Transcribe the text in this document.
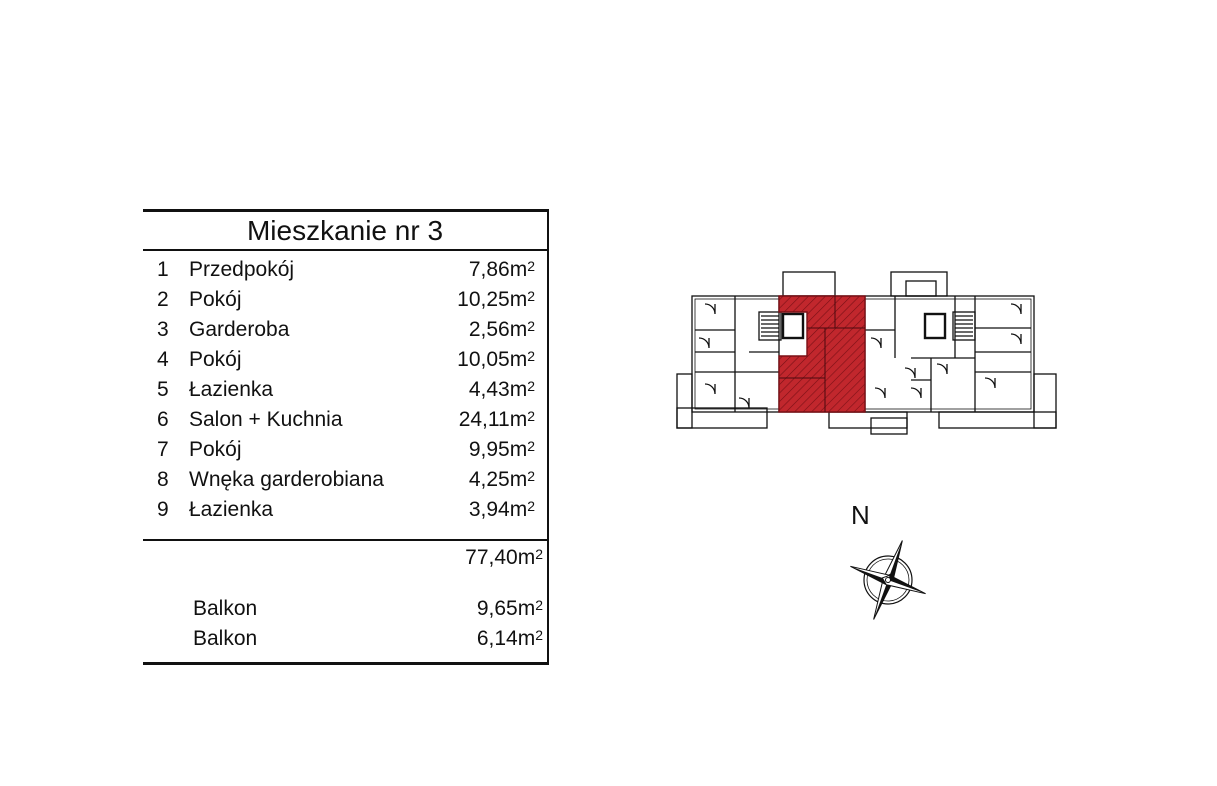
Mieszkanie nr 3
1 Przedpokój	$7,86m^2$
2 Pokój	$10,25m^2$
3 Garderoba	$2,56m^2$
4 Pokój	$10,05m^2$
5 Łazienka	$4,43m^2$
6 Salon + Kuchnia	$24,11m^2$
7 Pokój	$9,95m^2$
8 Wnęka garderobiana	$4,25m^2$
9 Łazienka	$3,94m^2$
$77,40m^2$
Balkon	$9,65m^2$
Balkon	$6,14m^2$
N
